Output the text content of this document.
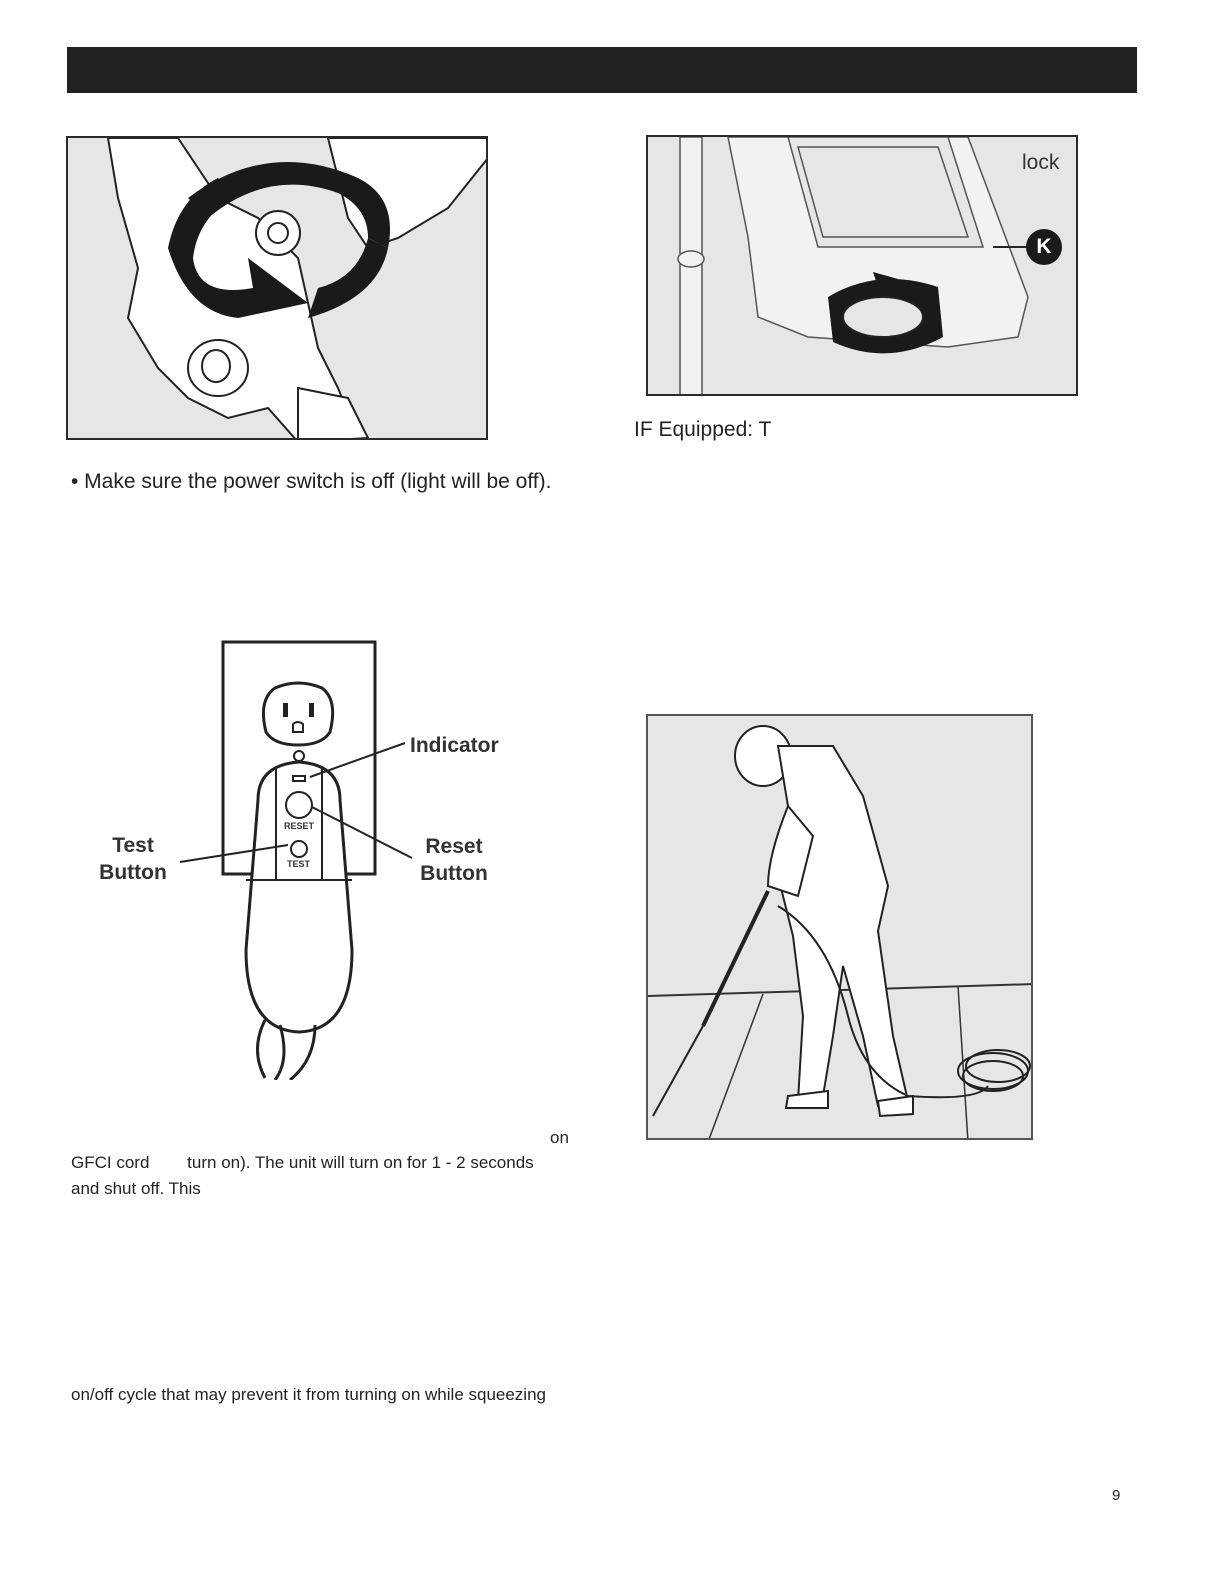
lock
K
IF Equipped: T
• Make sure the power switch is off (light will be off).
Indicator
Test
Button
Reset
Button
RESET
TEST
on
GFCI cord        turn on). The unit will turn on for 1 - 2 seconds
and shut off. This
on/off cycle that may prevent it from turning on while squeezing
9
